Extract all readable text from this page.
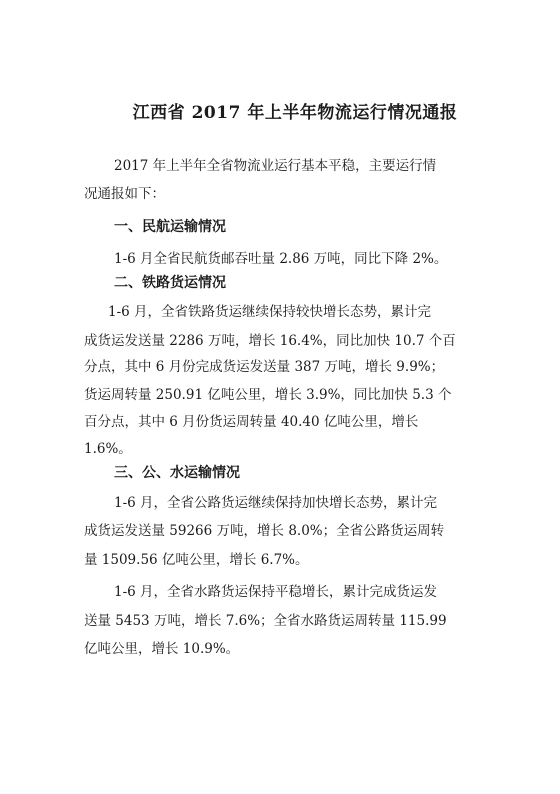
江西省 2017 年上半年物流运行情况通报
2017 年上半年全省物流业运行基本平稳，主要运行情
况通报如下：
一、民航运输情况
1-6 月全省民航货邮吞吐量 2.86 万吨，同比下降 2%。
二、铁路货运情况
1-6 月，全省铁路货运继续保持较快增长态势，累计完
成货运发送量 2286 万吨，增长 16.4%，同比加快 10.7 个百
分点，其中 6 月份完成货运发送量 387 万吨，增长 9.9%；
货运周转量 250.91 亿吨公里，增长 3.9%，同比加快 5.3 个
百分点，其中 6 月份货运周转量 40.40 亿吨公里，增长
1.6%。
三、公、水运输情况
1-6 月，全省公路货运继续保持加快增长态势，累计完
成货运发送量 59266 万吨，增长 8.0%；全省公路货运周转
量 1509.56 亿吨公里，增长 6.7%。
1-6 月，全省水路货运保持平稳增长，累计完成货运发
送量 5453 万吨，增长 7.6%；全省水路货运周转量 115.99
亿吨公里，增长 10.9%。
